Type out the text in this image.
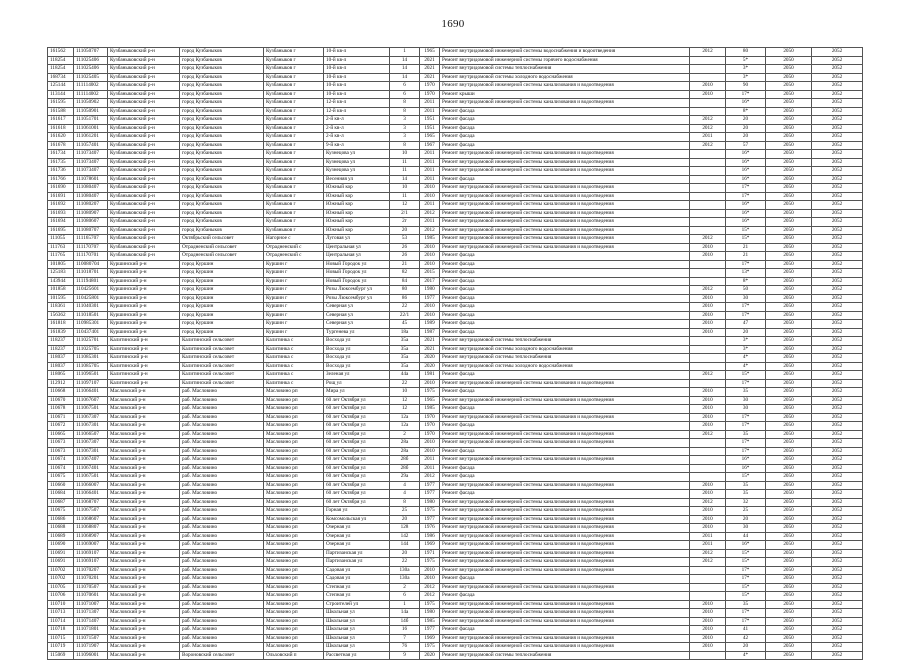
1690
161562	111050707	Кузбаныковский р-н	город Кузбаныков	Кузбаныков г	10-й кв-л	1	1965	Ремонт внутридомовой инженерной системы водоснабжения и водоотведения	2012	80	2050	2052
118254	111025406	Кузбаныковский р-н	город Кузбаныков	Кузбаныков г	10-й кв-л	14	2021	Ремонт внутридомовой инженерной системы горячего водоснабжения		5*	2050	2052
118254	111025406	Кузбаныковский р-н	город Кузбаныков	Кузбаныков г	10-й кв-л	14	2021	Ремонт внутридомовой системы теплоснабжения		3*	2050	2052
168734	111025405	Кузбаныковский р-н	город Кузбаныков	Кузбаныков г	10-й кв-л	14	2021	Ремонт внутридомовой системы холодного водоснабжения		3*	2050	2052
125144	111114002	Кузбаныковский р-н	город Кузбаныков	Кузбаныков г	10-й кв-л	6	1970	Ремонт внутридомовой инженерной системы канализования и водоотведения	2010	90	2050	2052
113144	111114002	Кузбаныковский р-н	город Кузбаныков	Кузбаныков г	10-й кв-л	6	1970	Ремонт крыши	2010	17*	2050	2052
161595	111050902	Кузбаныковский р-н	город Кузбаныков	Кузбаныков г	12-й кв-л	8	2011	Ремонт внутридомовой инженерной системы канализования и водоотведения		16*	2050	2052
161588	111050901	Кузбаныковский р-н	город Кузбаныков	Кузбаныков г	12-й кв-л	8	2011	Ремонт фасада		8*	2050	2052
161617	111051701	Кузбаныковский р-н	город Кузбаныков	Кузбаныков г	2-й кв-л	3	1951	Ремонт фасада	2012	20	2050	2052
161618	111061001	Кузбаныковский р-н	город Кузбаныков	Кузбаныков г	2-й кв-л	3	1951	Ремонт фасада	2012	20	2050	2052
161620	111061201	Кузбаныковский р-н	город Кузбаныков	Кузбаныков г	2-й кв-л	3	1965	Ремонт фасада	2011	20	2050	2052
161678	111057401	Кузбаныковский р-н	город Кузбаныков	Кузбаныков г	9-й кв-л	8	1967	Ремонт фасада	2012	57	2050	2052
161734	111073407	Кузбаныковский р-н	город Кузбаныков	Кузбаныков г	Кузнецова ул	10	2011	Ремонт внутридомовой инженерной системы канализования и водоотведения		16*	2050	2052
161735	111073407	Кузбаныковский р-н	город Кузбаныков	Кузбаныков г	Кузнецова ул	11	2011	Ремонт внутридомовой инженерной системы канализования и водоотведения		16*	2050	2052
161736	111073407	Кузбаныковский р-н	город Кузбаныков	Кузбаныков г	Кузнецова ул	11	2011	Ремонт внутридомовой инженерной системы канализования и водоотведения		16*	2050	2052
161766	111078601	Кузбаныковский р-н	город Кузбаныков	Кузбаныков г	Весенняя ул	14	2011	Ремонт фасада		16*	2050	2052
161690	111080407	Кузбаныковский р-н	город Кузбаныков	Кузбаныков г	Южный кор	10	2010	Ремонт внутридомовой инженерной системы канализования и водоотведения		17*	2050	2052
161691	111080407	Кузбаныковский р-н	город Кузбаныков	Кузбаныков г	Южный кор	11	2010	Ремонт внутридомовой инженерной системы канализования и водоотведения		17*	2050	2052
161692	111080207	Кузбаныковский р-н	город Кузбаныков	Кузбаныков г	Южный кор	12	2011	Ремонт внутридомовой инженерной системы канализования и водоотведения		16*	2050	2052
161693	111080907	Кузбаныковский р-н	город Кузбаныков	Кузбаныков г	Южный кор	2/1	2012	Ремонт внутридомовой инженерной системы канализования и водоотведения		16*	2050	2052
161694	111080607	Кузбаныковский р-н	город Кузбаныков	Кузбаныков г	Южный кор	2г	2011	Ремонт внутридомовой инженерной системы канализования и водоотведения		16*	2050	2052
161695	111080707	Кузбаныковский р-н	город Кузбаныков	Кузбаныков г	Южный кор	20	2012	Ремонт внутридомовой инженерной системы канализования и водоотведения		15*	2050	2052
111055	111165707	Кузбаныковский р-н	Октябрьский сельсовет	Нагорное с	Луговая ул	53	1985	Ремонт внутридомовой инженерной системы канализования и водоотведения	2012	15*	2050	2052
111763	111170707	Кузбаныковский р-н	Отрадненский сельсовет	Отрадненский с	Центральная ул	26	2010	Ремонт внутридомовой инженерной системы канализования и водоотведения	2010	21	2050	2052
111765	111170701	Кузбаныковский р-н	Отрадненский сельсовет	Отрадненский с	Центральная ул	26	2010	Ремонт фасада	2010	21	2050	2052
101805	110080704	Куршинский р-н	город Куршин	Куршин г	Новый Городок ул	21	2010	Ремонт фасада		17*	2050	2052
125183	111018701	Куршинский р-н	город Куршин	Куршин г	Новый Городок ул	82	2015	Ремонт фасада		13*	2050	2052
143944	111194801	Куршинский р-н	город Куршин	Куршин г	Новый Городок ул	84	2017	Ремонт фасада		8*	2050	2052
101858	110425601	Куршинский р-н	город Куршин	Куршин г	Розы Люксембург ул	80	1980	Ремонт фасада	2012	50	2050	2052
101595	110425801	Куршинский р-н	город Куршин	Куршин г	Розы Люксембург ул	86	1977	Ремонт фасада	2010	30	2050	2052
118361	111040301	Куршинский р-н	город Куршин	Куршин г	Северная ул	22	2010	Ремонт фасада	2010	17*	2050	2052
156362	111018501	Куршинский р-н	город Куршин	Куршин г	Северная ул	22/1	2010	Ремонт фасада	2010	17*	2050	2052
161818	110985301	Куршинский р-н	город Куршин	Куршин г	Северная ул	45	1989	Ремонт фасада	2010	47	2050	2052
161839	110437401	Куршинский р-н	город Куршин	Куршин г	Тургенева ул	18а	1987	Ремонт фасада	2010	20	2050	2052
118237	111025701	Калитинский р-н	Калитинский сельсовет	Калитинка с	Восхода ул	35а	2021	Ремонт внутридомовой системы теплоснабжения		3*	2050	2052
118237	111025705	Калитинский р-н	Калитинский сельсовет	Калитинка с	Восхода ул	35а	2021	Ремонт внутридомовой системы холодного водоснабжения		3*	2050	2052
118037	111085301	Калитинский р-н	Калитинский сельсовет	Калитинка с	Восхода ул	35а	2020	Ремонт внутридомовой системы теплоснабжения		4*	2050	2052
118037	111085705	Калитинский р-н	Калитинский сельсовет	Калитинка с	Восхода ул	35а	2020	Ремонт внутридомовой системы холодного водоснабжения		4*	2050	2052
118065	111096501	Калитинский р-н	Калитинский сельсовет	Калитинка с	Зеленая ул	44а	1981	Ремонт фасада	2012	15*	2050	2052
112912	111097107	Калитинский р-н	Калитинский сельсовет	Калитинка с	Рощ ул	22	2010	Ремонт внутридомовой инженерной системы канализования и водоотведения		17*	2050	2052
110668	111066401	Масловский р-н	раб. Масловино	Масловино рп	Мира ул	10	1975	Ремонт фасада	2010	35	2050	2052
110670	111067607	Масловский р-н	раб. Масловино	Масловино рп	60 лет Октября ул	12	1965	Ремонт внутридомовой инженерной системы канализования и водоотведения	2010	30	2050	2052
110678	111067501	Масловский р-н	раб. Масловино	Масловино рп	60 лет Октября ул	12	1985	Ремонт фасада	2010	30	2050	2052
110671	111067307	Масловский р-н	раб. Масловино	Масловино рп	60 лет Октября ул	12а	1970	Ремонт внутридомовой инженерной системы канализования и водоотведения	2010	17*	2050	2052
110672	111067301	Масловский р-н	раб. Масловино	Масловино рп	60 лет Октября ул	12а	1970	Ремонт фасада	2010	17*	2050	2052
110665	111066507	Масловский р-н	раб. Масловино	Масловино рп	60 лет Октября ул	2	1970	Ремонт внутридомовой инженерной системы канализования и водоотведения	2012	35	2050	2052
110673	111067307	Масловский р-н	раб. Масловино	Масловино рп	60 лет Октября ул	28а	2010	Ремонт внутридомовой инженерной системы канализования и водоотведения		17*	2050	2052
110673	111067301	Масловский р-н	раб. Масловино	Масловино рп	60 лет Октября ул	28а	2010	Ремонт фасада		17*	2050	2052
110674	111067407	Масловский р-н	раб. Масловино	Масловино рп	60 лет Октября ул	28б	2011	Ремонт внутридомовой инженерной системы канализования и водоотведения		16*	2050	2052
110674	111067401	Масловский р-н	раб. Масловино	Масловино рп	60 лет Октября ул	28б	2011	Ремонт фасада		16*	2050	2052
110675	111067501	Масловский р-н	раб. Масловино	Масловино рп	60 лет Октября ул	29а	2012	Ремонт фасада		15*	2050	2052
110660	111066007	Масловский р-н	раб. Масловино	Масловино рп	60 лет Октября ул	4	1977	Ремонт внутридомовой инженерной системы канализования и водоотведения	2010	35	2050	2052
110684	111066401	Масловский р-н	раб. Масловино	Масловино рп	60 лет Октября ул	4	1977	Ремонт фасада	2010	35	2050	2052
110687	111068707	Масловский р-н	раб. Масловино	Масловино рп	60 лет Октября ул	8	1980	Ремонт внутридомовой инженерной системы канализования и водоотведения	2012	32	2050	2052
110675	111067507	Масловский р-н	раб. Масловино	Масловино рп	Горная ул	25	1975	Ремонт внутридомовой инженерной системы канализования и водоотведения	2010	25	2050	2052
110686	111068607	Масловский р-н	раб. Масловино	Масловино рп	Комсомольская ул	20	1977	Ремонт внутридомовой инженерной системы канализования и водоотведения	2010	20	2050	2052
110688	111068807	Масловский р-н	раб. Масловино	Масловино рп	Озерная ул	128	1976	Ремонт внутридомовой инженерной системы канализования и водоотведения	2010	30	2050	2052
110689	111068907	Масловский р-н	раб. Масловино	Масловино рп	Озерная ул	142	1986	Ремонт внутридомовой инженерной системы канализования и водоотведения	2011	44	2050	2052
110690	111069007	Масловский р-н	раб. Масловино	Масловино рп	Озерная ул	144	1969	Ремонт внутридомовой инженерной системы канализования и водоотведения	2011	16*	2050	2052
110691	111069107	Масловский р-н	раб. Масловино	Масловино рп	Партизанская ул	20	1971	Ремонт внутридомовой инженерной системы канализования и водоотведения	2012	15*	2050	2052
110691	111069107	Масловский р-н	раб. Масловино	Масловино рп	Партизанская ул	22	1975	Ремонт внутридомовой инженерной системы канализования и водоотведения	2012	15*	2050	2052
110702	111070207	Масловский р-н	раб. Масловино	Масловино рп	Садовая ул	130а	2010	Ремонт внутридомовой инженерной системы канализования и водоотведения		17*	2050	2052
110702	111070201	Масловский р-н	раб. Масловино	Масловино рп	Садовая ул	130а	2010	Ремонт фасада		17*	2050	2052
110705	111070507	Масловский р-н	раб. Масловино	Масловино рп	Степная ул	2	2012	Ремонт внутридомовой инженерной системы канализования и водоотведения		15*	2050	2052
110706	111070601	Масловский р-н	раб. Масловино	Масловино рп	Степная ул	6	2012	Ремонт фасада		15*	2050	2052
110710	111071007	Масловский р-н	раб. Масловино	Масловино рп	Строителей ул	1	1975	Ремонт внутридомовой инженерной системы канализования и водоотведения	2010	35	2050	2052
110713	111071307	Масловский р-н	раб. Масловино	Масловино рп	Школьная ул	14а	1980	Ремонт внутридомовой инженерной системы канализования и водоотведения	2010	17*	2050	2052
110714	111071407	Масловский р-н	раб. Масловино	Масловино рп	Школьная ул	14б	1985	Ремонт внутридомовой инженерной системы канализования и водоотведения	2010	17*	2050	2052
110718	111071801	Масловский р-н	раб. Масловино	Масловино рп	Школьная ул	16	1977	Ремонт фасада	2010	41	2050	2052
110715	111071507	Масловский р-н	раб. Масловино	Масловино рп	Школьная ул	7	1969	Ремонт внутридомовой инженерной системы канализования и водоотведения	2010	42	2050	2052
110719	111071907	Масловский р-н	раб. Масловино	Масловино рп	Школьная ул	76	1975	Ремонт внутридомовой инженерной системы канализования и водоотведения	2010	20	2050	2052
115069	111096001	Масловский р-н	Вороновский сельсовет	Ольховский п	Рассветная ул	9	2020	Ремонт внутридомовой системы теплоснабжения		4*	2050	2052
